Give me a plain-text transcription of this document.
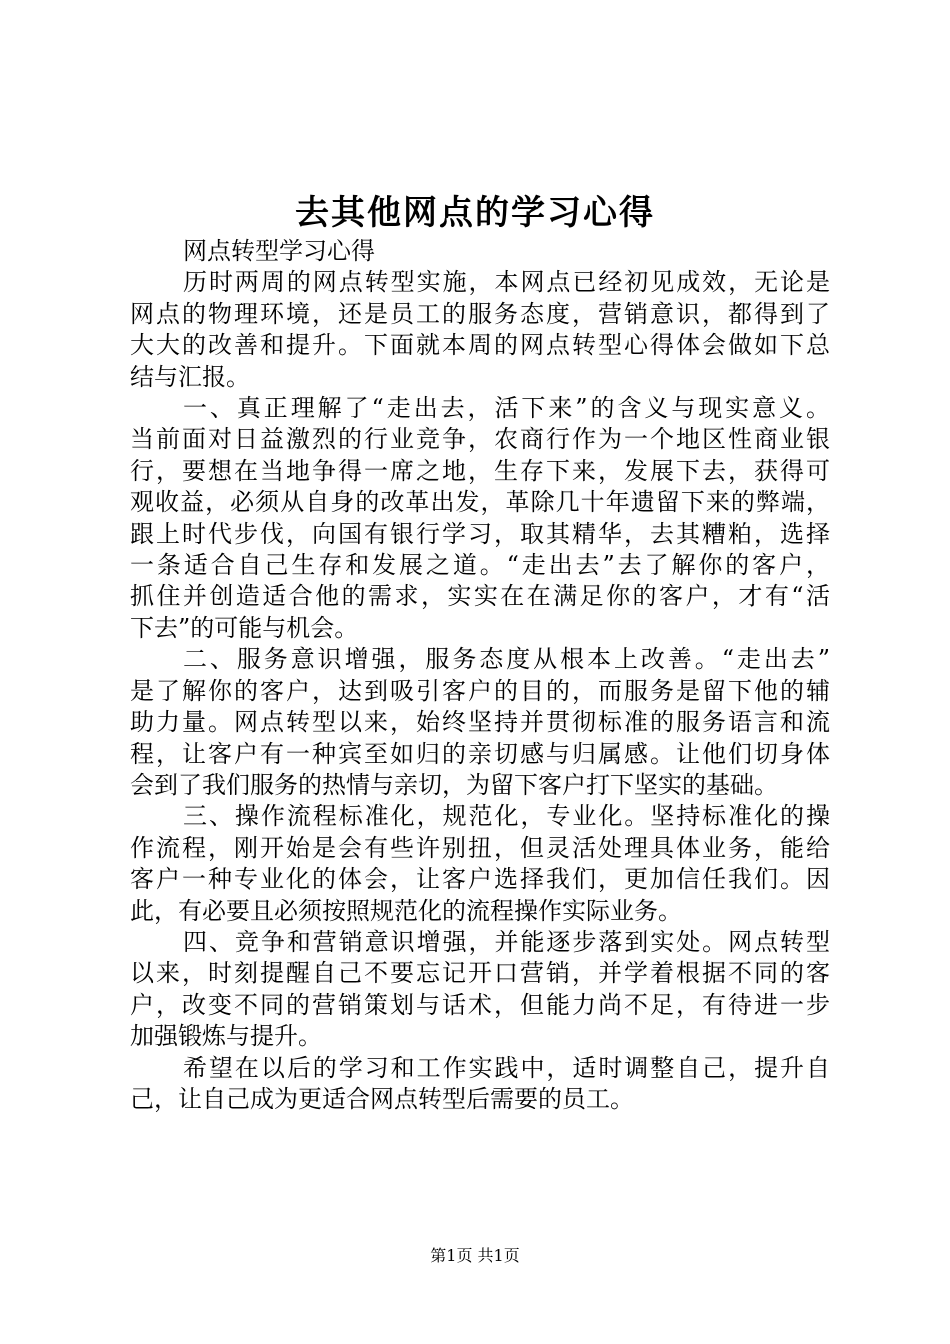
去其他网点的学习心得
网点转型学习心得
历时两周的网点转型实施，本网点已经初见成效，无论是
网点的物理环境，还是员工的服务态度，营销意识，都得到了
大大的改善和提升。下面就本周的网点转型心得体会做如下总
结与汇报。
一、真正理解了“走出去，活下来”的含义与现实意义。
当前面对日益激烈的行业竞争，农商行作为一个地区性商业银
行，要想在当地争得一席之地，生存下来，发展下去，获得可
观收益，必须从自身的改革出发，革除几十年遗留下来的弊端，
跟上时代步伐，向国有银行学习，取其精华，去其糟粕，选择
一条适合自己生存和发展之道。“走出去”去了解你的客户，
抓住并创造适合他的需求，实实在在满足你的客户，才有“活
下去”的可能与机会。
二、服务意识增强，服务态度从根本上改善。“走出去”
是了解你的客户，达到吸引客户的目的，而服务是留下他的辅
助力量。网点转型以来，始终坚持并贯彻标准的服务语言和流
程，让客户有一种宾至如归的亲切感与归属感。让他们切身体
会到了我们服务的热情与亲切，为留下客户打下坚实的基础。
三、操作流程标准化，规范化，专业化。坚持标准化的操
作流程，刚开始是会有些许别扭，但灵活处理具体业务，能给
客户一种专业化的体会，让客户选择我们，更加信任我们。因
此，有必要且必须按照规范化的流程操作实际业务。
四、竞争和营销意识增强，并能逐步落到实处。网点转型
以来，时刻提醒自己不要忘记开口营销，并学着根据不同的客
户，改变不同的营销策划与话术，但能力尚不足，有待进一步
加强锻炼与提升。
希望在以后的学习和工作实践中，适时调整自己，提升自
己，让自己成为更适合网点转型后需要的员工。
第1页 共1页
